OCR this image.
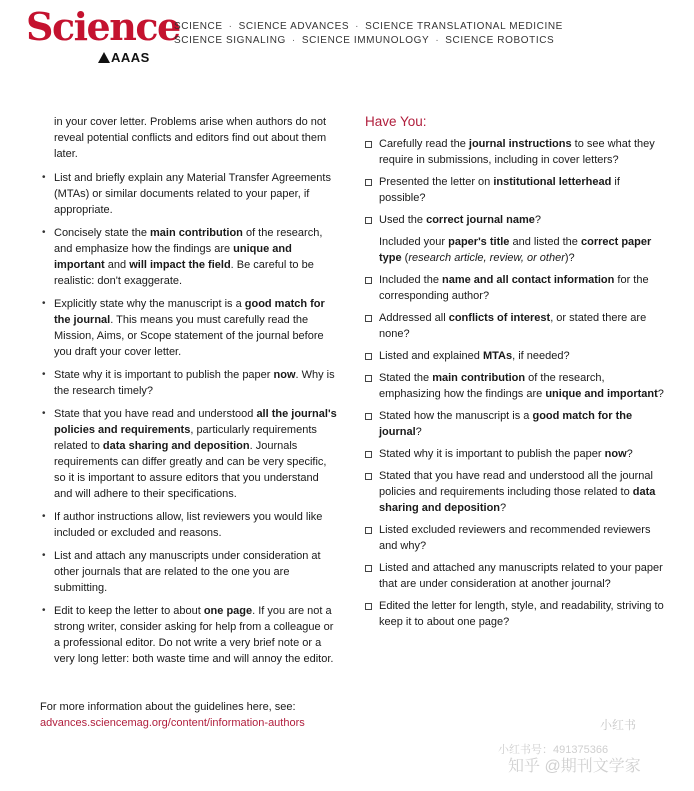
Science
AAAS
SCIENCE · SCIENCE ADVANCES · SCIENCE TRANSLATIONAL MEDICINE
SCIENCE SIGNALING · SCIENCE IMMUNOLOGY · SCIENCE ROBOTICS
in your cover letter. Problems arise when authors do not reveal potential conflicts and editors find out about them later.
• List and briefly explain any Material Transfer Agreements (MTAs) or similar documents related to your paper, if appropriate.
• Concisely state the main contribution of the research, and emphasize how the findings are unique and important and will impact the field. Be careful to be realistic: don't exaggerate.
• Explicitly state why the manuscript is a good match for the journal. This means you must carefully read the Mission, Aims, or Scope statement of the journal before you draft your cover letter.
• State why it is important to publish the paper now. Why is the research timely?
• State that you have read and understood all the journal's policies and requirements, particularly requirements related to data sharing and deposition. Journals requirements can differ greatly and can be very specific, so it is important to assure editors that you understand and will adhere to their specifications.
• If author instructions allow, list reviewers you would like included or excluded and reasons.
• List and attach any manuscripts under consideration at other journals that are related to the one you are submitting.
• Edit to keep the letter to about one page. If you are not a strong writer, consider asking for help from a colleague or a professional editor. Do not write a very brief note or a very long letter: both waste time and will annoy the editor.
For more information about the guidelines here, see:
advances.sciencemag.org/content/information-authors
Have You:
Carefully read the journal instructions to see what they require in submissions, including in cover letters?
Presented the letter on institutional letterhead if possible?
Used the correct journal name?
Included your paper's title and listed the correct paper type (research article, review, or other)?
Included the name and all contact information for the corresponding author?
Addressed all conflicts of interest, or stated there are none?
Listed and explained MTAs, if needed?
Stated the main contribution of the research, emphasizing how the findings are unique and important?
Stated how the manuscript is a good match for the journal?
Stated why it is important to publish the paper now?
Stated that you have read and understood all the journal policies and requirements including those related to data sharing and deposition?
Listed excluded reviewers and recommended reviewers and why?
Listed and attached any manuscripts related to your paper that are under consideration at another journal?
Edited the letter for length, style, and readability, striving to keep it to about one page?
小红书
小红书号：491375366
知乎 @期刊文学家
